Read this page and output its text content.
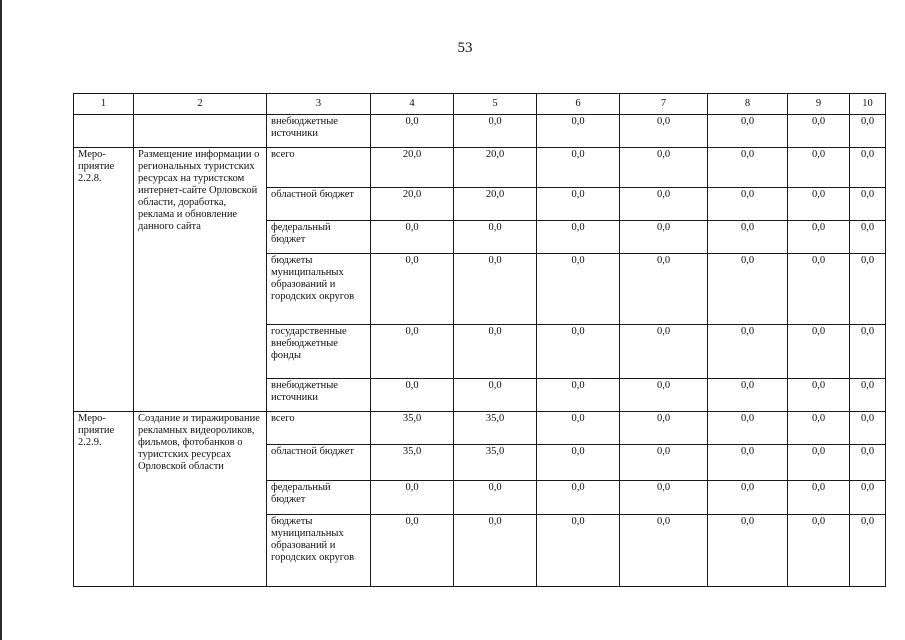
53
1	2	3	4	5	6	7	8	9	10
		внебюджетные источники	0,0	0,0	0,0	0,0	0,0	0,0	0,0
Меро-приятие 2.2.8.	Размещение информации о региональных туристских ресурсах на туристском интернет-сайте Орловской области, доработка, реклама и обновление данного сайта	всего	20,0	20,0	0,0	0,0	0,0	0,0	0,0
		областной бюджет	20,0	20,0	0,0	0,0	0,0	0,0	0,0
		федеральный бюджет	0,0	0,0	0,0	0,0	0,0	0,0	0,0
		бюджеты муниципальных образований и городских округов	0,0	0,0	0,0	0,0	0,0	0,0	0,0
		государственные внебюджетные фонды	0,0	0,0	0,0	0,0	0,0	0,0	0,0
		внебюджетные источники	0,0	0,0	0,0	0,0	0,0	0,0	0,0
Меро-приятие 2.2.9.	Создание и тиражирование рекламных видеороликов, фильмов, фотобанков о туристских ресурсах Орловской области	всего	35,0	35,0	0,0	0,0	0,0	0,0	0,0
		областной бюджет	35,0	35,0	0,0	0,0	0,0	0,0	0,0
		федеральный бюджет	0,0	0,0	0,0	0,0	0,0	0,0	0,0
		бюджеты муниципальных образований и городских округов	0,0	0,0	0,0	0,0	0,0	0,0	0,0
